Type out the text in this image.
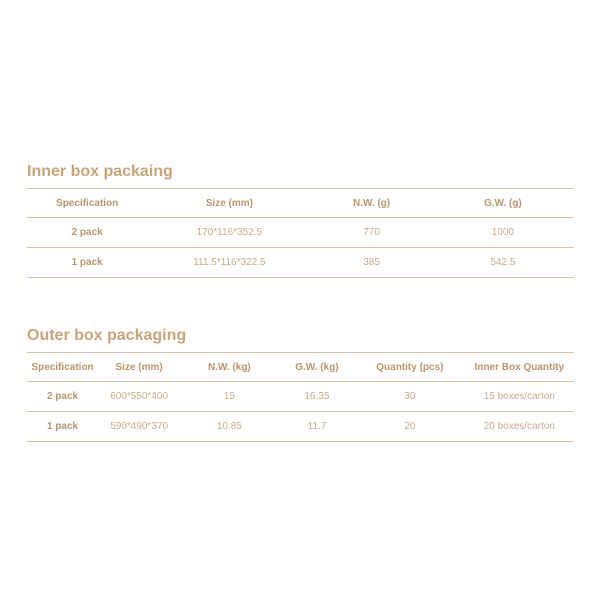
Inner box packaing
Specification	Size (mm)	N.W. (g)	G.W. (g)
2 pack	170*116*352.5	770	1000
1 pack	111.5*116*322.5	385	542.5
Outer box packaging
Specification	Size (mm)	N.W. (kg)	G.W. (kg)	Quantity (pcs)	Inner Box Quantity
2 pack	600*550*400	15	16.35	30	15 boxes/carton
1 pack	590*490*370	10.85	11.7	20	20 boxes/carton
